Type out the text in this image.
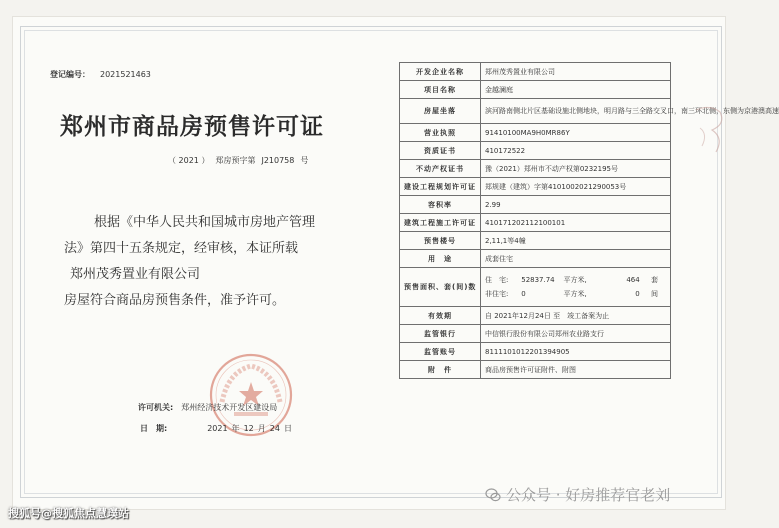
登记编号： 2021521463
郑州市商品房预售许可证
（ 2021 ） 郑房预字第 J210758 号

根据《中华人民共和国城市房地产管理

法》第四十五条规定，经审核，本证所载

郑州茂秀置业有限公司

房屋符合商品房预售条件，准予许可。

许可机关: 郑州经济技术开发区建设局
日　期:	2021 年 12 月 24 日
开发企业名称	郑州茂秀置业有限公司
项目名称	金越澜庭
房屋坐落	滨河路南侧北片区基础设施北侧地块，明月路与三全路交叉口，南三环北侧，东侧为京港澳高速
营业执照	91410100MA9H0MR86Y
资质证书	410172522
不动产权证书	豫（2021）郑州市不动产权第0232195号
建设工程规划许可证	郑规建（建筑）字第4101002021290053号
容积率	2.99
建筑工程施工许可证	410171202112100101
预售楼号	2,11,1等4幢
用　途	成套住宅
预售面积、套(间)数	住　宅: 52837.74 平方米, 464 套
非住宅: 0 平方米, 0 间

有效期	自 2021年12月24日 至　竣工备案为止
监管银行	中信银行股份有限公司郑州农业路支行
监管账号	8111101012201394905
附　件	商品房预售许可证附件、附图
搜狐号@搜狐焦点慧璞站
公众号 · 好房推荐官老刘
